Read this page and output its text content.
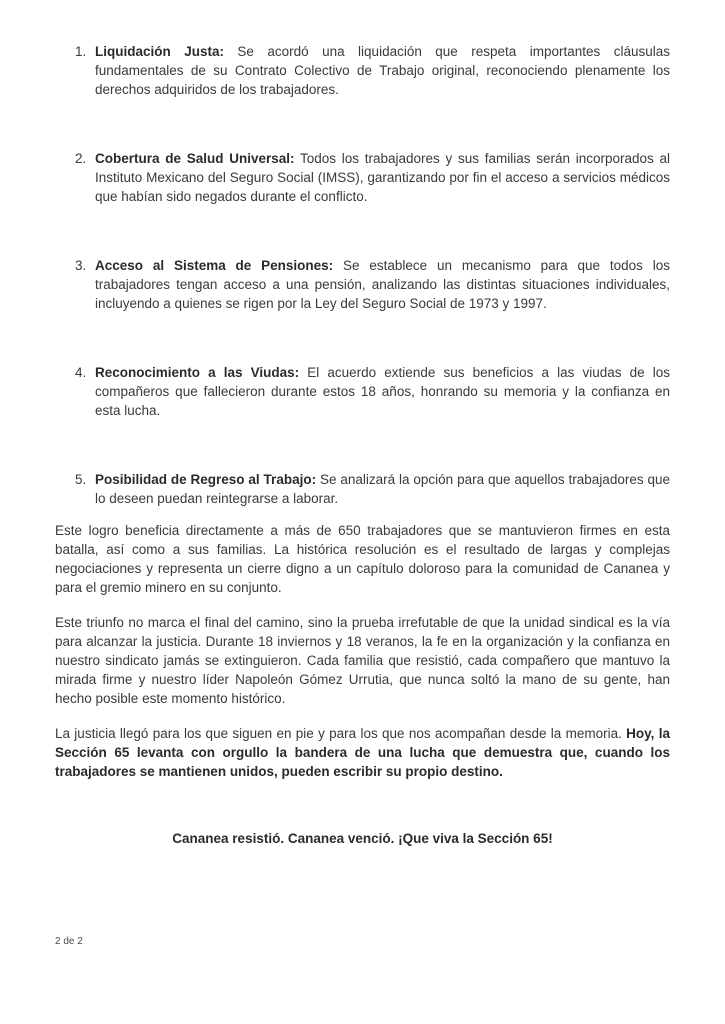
1. Liquidación Justa: Se acordó una liquidación que respeta importantes cláusulas fundamentales de su Contrato Colectivo de Trabajo original, reconociendo plenamente los derechos adquiridos de los trabajadores.
2. Cobertura de Salud Universal: Todos los trabajadores y sus familias serán incorporados al Instituto Mexicano del Seguro Social (IMSS), garantizando por fin el acceso a servicios médicos que habían sido negados durante el conflicto.
3. Acceso al Sistema de Pensiones: Se establece un mecanismo para que todos los trabajadores tengan acceso a una pensión, analizando las distintas situaciones individuales, incluyendo a quienes se rigen por la Ley del Seguro Social de 1973 y 1997.
4. Reconocimiento a las Viudas: El acuerdo extiende sus beneficios a las viudas de los compañeros que fallecieron durante estos 18 años, honrando su memoria y la confianza en esta lucha.
5. Posibilidad de Regreso al Trabajo: Se analizará la opción para que aquellos trabajadores que lo deseen puedan reintegrarse a laborar.
Este logro beneficia directamente a más de 650 trabajadores que se mantuvieron firmes en esta batalla, así como a sus familias. La histórica resolución es el resultado de largas y complejas negociaciones y representa un cierre digno a un capítulo doloroso para la comunidad de Cananea y para el gremio minero en su conjunto.
Este triunfo no marca el final del camino, sino la prueba irrefutable de que la unidad sindical es la vía para alcanzar la justicia. Durante 18 inviernos y 18 veranos, la fe en la organización y la confianza en nuestro sindicato jamás se extinguieron. Cada familia que resistió, cada compañero que mantuvo la mirada firme y nuestro líder Napoleón Gómez Urrutia, que nunca soltó la mano de su gente, han hecho posible este momento histórico.
La justicia llegó para los que siguen en pie y para los que nos acompañan desde la memoria. Hoy, la Sección 65 levanta con orgullo la bandera de una lucha que demuestra que, cuando los trabajadores se mantienen unidos, pueden escribir su propio destino.
Cananea resistió. Cananea venció. ¡Que viva la Sección 65!
2 de 2
